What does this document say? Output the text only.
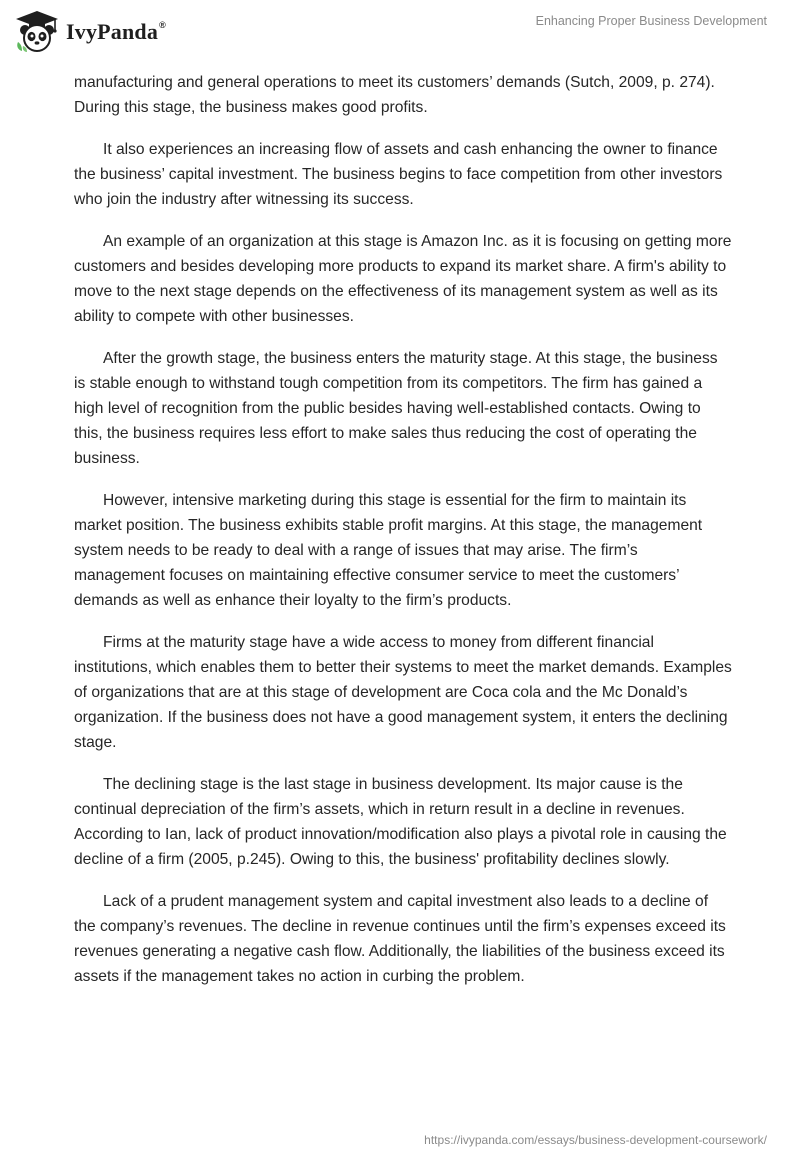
IvyPanda®	Enhancing Proper Business Development

manufacturing and general operations to meet its customers’ demands (Sutch, 2009, p. 274). During this stage, the business makes good profits.

It also experiences an increasing flow of assets and cash enhancing the owner to finance the business’ capital investment. The business begins to face competition from other investors who join the industry after witnessing its success.

An example of an organization at this stage is Amazon Inc. as it is focusing on getting more customers and besides developing more products to expand its market share. A firm's ability to move to the next stage depends on the effectiveness of its management system as well as its ability to compete with other businesses.

After the growth stage, the business enters the maturity stage. At this stage, the business is stable enough to withstand tough competition from its competitors. The firm has gained a high level of recognition from the public besides having well-established contacts. Owing to this, the business requires less effort to make sales thus reducing the cost of operating the business.

However, intensive marketing during this stage is essential for the firm to maintain its market position. The business exhibits stable profit margins. At this stage, the management system needs to be ready to deal with a range of issues that may arise. The firm’s management focuses on maintaining effective consumer service to meet the customers’ demands as well as enhance their loyalty to the firm’s products.

Firms at the maturity stage have a wide access to money from different financial institutions, which enables them to better their systems to meet the market demands. Examples of organizations that are at this stage of development are Coca cola and the Mc Donald’s organization. If the business does not have a good management system, it enters the declining stage.

The declining stage is the last stage in business development. Its major cause is the continual depreciation of the firm’s assets, which in return result in a decline in revenues. According to Ian, lack of product innovation/modification also plays a pivotal role in causing the decline of a firm (2005, p.245). Owing to this, the business' profitability declines slowly.

Lack of a prudent management system and capital investment also leads to a decline of the company’s revenues. The decline in revenue continues until the firm’s expenses exceed its revenues generating a negative cash flow. Additionally, the liabilities of the business exceed its assets if the management takes no action in curbing the problem.

https://ivypanda.com/essays/business-development-coursework/
